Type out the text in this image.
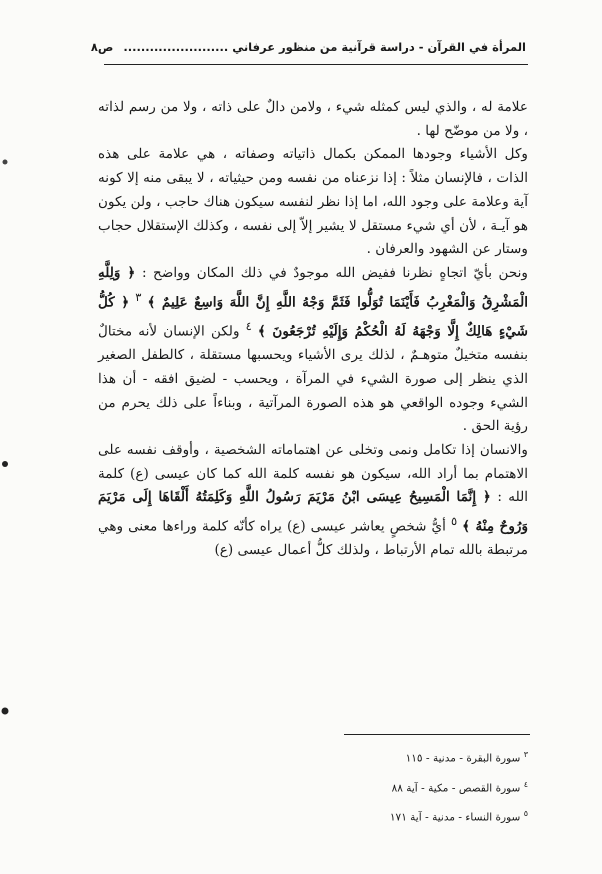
المرأة في القرآن - دراسة قرآنية من منظور عرفاني ........................ ص٨

علامة له ، والذي ليس كمثله شيء ، ولامن دالٌ على ذاته ، ولا من رسم لذاته ، ولا من موضّح لها .

وكل الأشياء وجودها الممكن بكمال ذاتياته وصفاته ، هي علامة على هذه الذات ، فالإنسان مثلاً : إذا نزعناه من نفسه ومن حيثياته ، لا يبقى منه إلا كونه آية وعلامة على وجود الله، اما إذا نظر لنفسه سيكون هناك حاجب ، ولن يكون هو آيـة ، لأن أي شيء مستقل لا يشير إلاّ إلى نفسه ، وكذلك الإستقلال حجاب وستار عن الشهود والعرفان .

ونحن بأيّ اتجاهٍ نظرنا ففيض الله موجودٌ في ذلك المكان وواضح : ﴿ وَلِلَّهِ الْمَشْرِقُ وَالْمَغْرِبُ فَأَيْنَمَا تُوَلُّوا فَثَمَّ وَجْهُ اللَّهِ إِنَّ اللَّهَ وَاسِعٌ عَلِيمٌ ﴾ $^٣$ ﴿ كُلُّ شَيْءٍ هَالِكٌ إِلَّا وَجْهَهُ لَهُ الْحُكْمُ وَإِلَيْهِ تُرْجَعُونَ ﴾ $^٤$ ولكن الإنسان لأنه مختالٌ بنفسه متخيلٌ متوهـمٌ ، لذلك يرى الأشياء ويحسبها مستقلة ، كالطفل الصغير الذي ينظر إلى صورة الشيء في المرآة ، ويحسب - لضيق افقه - أن هذا الشيء وجوده الواقعي هو هذه الصورة المرآتية ، وبناءاً على ذلك يحرم من رؤية الحق .

والانسان إذا تكامل ونمى وتخلى عن اهتماماته الشخصية ، وأوقف نفسه على الاهتمام بما أراد الله، سيكون هو نفسه كلمة الله كما كان عيسى (ع) كلمة الله : ﴿ إِنَّمَا الْمَسِيحُ عِيسَى ابْنُ مَرْيَمَ رَسُولُ اللَّهِ وَكَلِمَتُهُ أَلْقَاهَا إِلَى مَرْيَمَ وَرُوحٌ مِنْهُ ﴾ $^٥$ أيُّ شخصٍ يعاشر عيسى (ع) يراه كأنّه كلمة وراءها معنى وهي مرتبطة بالله تمام الأرتباط ، ولذلك كلُّ أعمال عيسى (ع)

$^٣$ سورة البقرة - مدنية - ١١٥
$^٤$ سورة القصص - مكية - آية ٨٨
$^٥$ سورة النساء - مدنية - آية ١٧١
